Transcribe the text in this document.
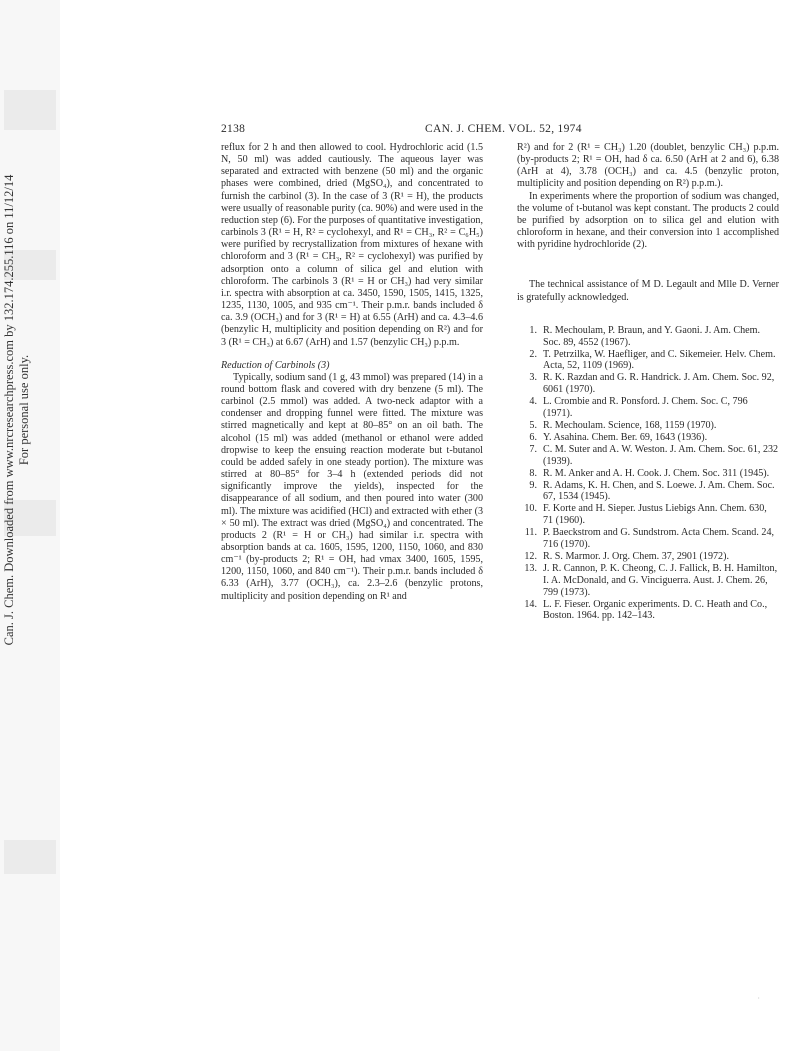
Can. J. Chem. Downloaded from www.nrcresearchpress.com by 132.174.255.116 on 11/12/14 For personal use only.
2138	CAN. J. CHEM. VOL. 52, 1974

reflux for 2 h and then allowed to cool. Hydrochloric acid (1.5 N, 50 ml) was added cautiously. The aqueous layer was separated and extracted with benzene (50 ml) and the organic phases were combined, dried (MgSO₄), and concentrated to furnish the carbinol (3). In the case of 3 (R¹ = H), the products were usually of reasonable purity (ca. 90%) and were used in the reduction step (6). For the purposes of quantitative investigation, carbinols 3 (R¹ = H, R² = cyclohexyl, and R¹ = CH₃, R² = C₆H₅) were purified by recrystallization from mixtures of hexane with chloroform and 3 (R¹ = CH₃, R² = cyclohexyl) was purified by adsorption onto a column of silica gel and elution with chloroform. The carbinols 3 (R¹ = H or CH₃) had very similar i.r. spectra with absorption at ca. 3450, 1590, 1505, 1415, 1325, 1235, 1130, 1005, and 935 cm⁻¹. Their p.m.r. bands included δ ca. 3.9 (OCH₃) and for 3 (R¹ = H) at 6.55 (ArH) and ca. 4.3–4.6 (benzylic H, multiplicity and position depending on R²) and for 3 (R¹ = CH₃) at 6.67 (ArH) and 1.57 (benzylic CH₃) p.p.m.

Reduction of Carbinols (3)

Typically, sodium sand (1 g, 43 mmol) was prepared (14) in a round bottom flask and covered with dry benzene (5 ml). The carbinol (2.5 mmol) was added. A two-neck adaptor with a condenser and dropping funnel were fitted. The mixture was stirred magnetically and kept at 80–85° on an oil bath. The alcohol (15 ml) was added (methanol or ethanol were added dropwise to keep the ensuing reaction moderate but t-butanol could be added safely in one steady portion). The mixture was stirred at 80–85° for 3–4 h (extended periods did not significantly improve the yields), inspected for the disappearance of all sodium, and then poured into water (300 ml). The mixture was acidified (HCl) and extracted with ether (3 × 50 ml). The extract was dried (MgSO₄) and concentrated. The products 2 (R¹ = H or CH₃) had similar i.r. spectra with absorption bands at ca. 1605, 1595, 1200, 1150, 1060, and 830 cm⁻¹ (by-products 2; R¹ = OH, had νmax 3400, 1605, 1595, 1200, 1150, 1060, and 840 cm⁻¹). Their p.m.r. bands included δ 6.33 (ArH), 3.77 (OCH₃), ca. 2.3–2.6 (benzylic protons, multiplicity and position depending on R¹ and

R²) and for 2 (R¹ = CH₃) 1.20 (doublet, benzylic CH₃) p.p.m. (by-products 2; R¹ = OH, had δ ca. 6.50 (ArH at 2 and 6), 6.38 (ArH at 4), 3.78 (OCH₃) and ca. 4.5 (benzylic proton, multiplicity and position depending on R²) p.p.m.).

In experiments where the proportion of sodium was changed, the volume of t-butanol was kept constant. The products 2 could be purified by adsorption on to silica gel and elution with chloroform in hexane, and their conversion into 1 accomplished with pyridine hydrochloride (2).

The technical assistance of M D. Legault and Mlle D. Verner is gratefully acknowledged.

1. R. Mechoulam, P. Braun, and Y. Gaoni. J. Am. Chem. Soc. 89, 4552 (1967).
2. T. Petrzilka, W. Haefliger, and C. Sikemeier. Helv. Chem. Acta, 52, 1109 (1969).
3. R. K. Razdan and G. R. Handrick. J. Am. Chem. Soc. 92, 6061 (1970).
4. L. Crombie and R. Ponsford. J. Chem. Soc. C, 796 (1971).
5. R. Mechoulam. Science, 168, 1159 (1970).
6. Y. Asahina. Chem. Ber. 69, 1643 (1936).
7. C. M. Suter and A. W. Weston. J. Am. Chem. Soc. 61, 232 (1939).
8. R. M. Anker and A. H. Cook. J. Chem. Soc. 311 (1945).
9. R. Adams, K. H. Chen, and S. Loewe. J. Am. Chem. Soc. 67, 1534 (1945).
10. F. Korte and H. Sieper. Justus Liebigs Ann. Chem. 630, 71 (1960).
11. P. Baeckstrom and G. Sundstrom. Acta Chem. Scand. 24, 716 (1970).
12. R. S. Marmor. J. Org. Chem. 37, 2901 (1972).
13. J. R. Cannon, P. K. Cheong, C. J. Fallick, B. H. Hamilton, I. A. McDonald, and G. Vinciguerra. Aust. J. Chem. 26, 799 (1973).
14. L. F. Fieser. Organic experiments. D. C. Heath and Co., Boston. 1964. pp. 142–143.
·
